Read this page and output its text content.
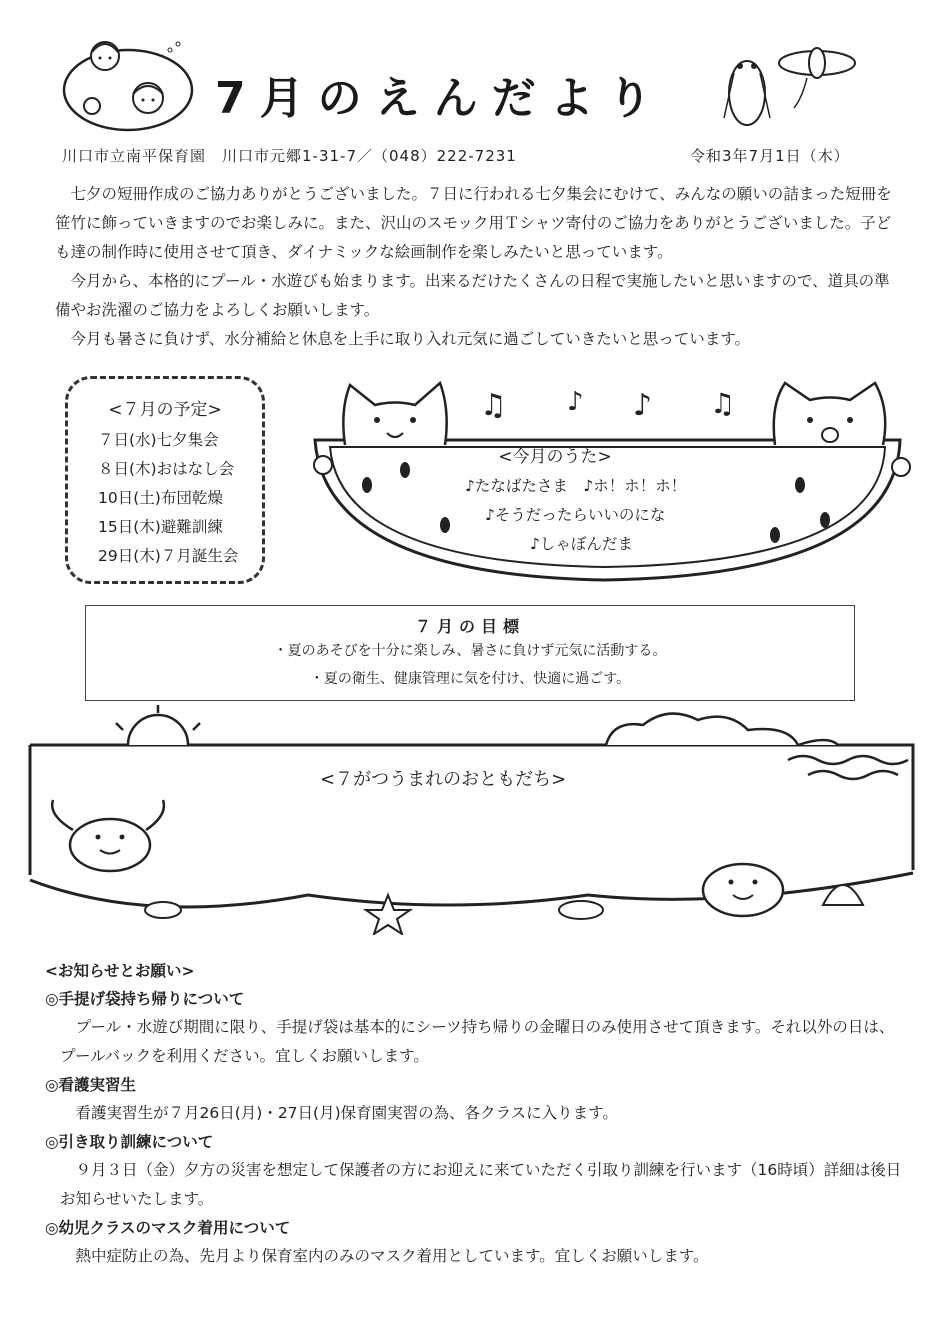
7月のえんだより
川口市立南平保育園　川口市元郷1-31-7／（048）222-7231	令和3年7月1日（木）

七夕の短冊作成のご協力ありがとうございました。７日に行われる七夕集会にむけて、みんなの願いの詰まった短冊を笹竹に飾っていきますのでお楽しみに。また、沢山のスモック用Ｔシャツ寄付のご協力をありがとうございました。子ども達の制作時に使用させて頂き、ダイナミックな絵画制作を楽しみたいと思っています。

今月から、本格的にプール・水遊びも始まります。出来るだけたくさんの日程で実施したいと思いますので、道具の準備やお洗濯のご協力をよろしくお願いします。

今月も暑さに負けず、水分補給と休息を上手に取り入れ元気に過ごしていきたいと思っています。

<７月の予定>
７日(水)七夕集会
８日(木)おはなし会
10日(土)布団乾燥
15日(木)避難訓練
29日(木)７月誕生会
♫ ♪ ♪ ♫
<今月のうた>
♪たなばたさま　♪ホ！ホ！ホ！
♪そうだったらいいのにな
♪しゃぼんだま
７月の目標
・夏のあそびを十分に楽しみ、暑さに負けず元気に活動する。
・夏の衛生、健康管理に気を付け、快適に過ごす。
<７がつうまれのおともだち>
<お知らせとお願い>
◎手提げ袋持ち帰りについて
プール・水遊び期間に限り、手提げ袋は基本的にシーツ持ち帰りの金曜日のみ使用させて頂きます。それ以外の日は、プールバックを利用ください。宜しくお願いします。
◎看護実習生
看護実習生が７月26日(月)・27日(月)保育園実習の為、各クラスに入ります。
◎引き取り訓練について
９月３日（金）夕方の災害を想定して保護者の方にお迎えに来ていただく引取り訓練を行います（16時頃）詳細は後日お知らせいたします。
◎幼児クラスのマスク着用について
熱中症防止の為、先月より保育室内のみのマスク着用としています。宜しくお願いします。
